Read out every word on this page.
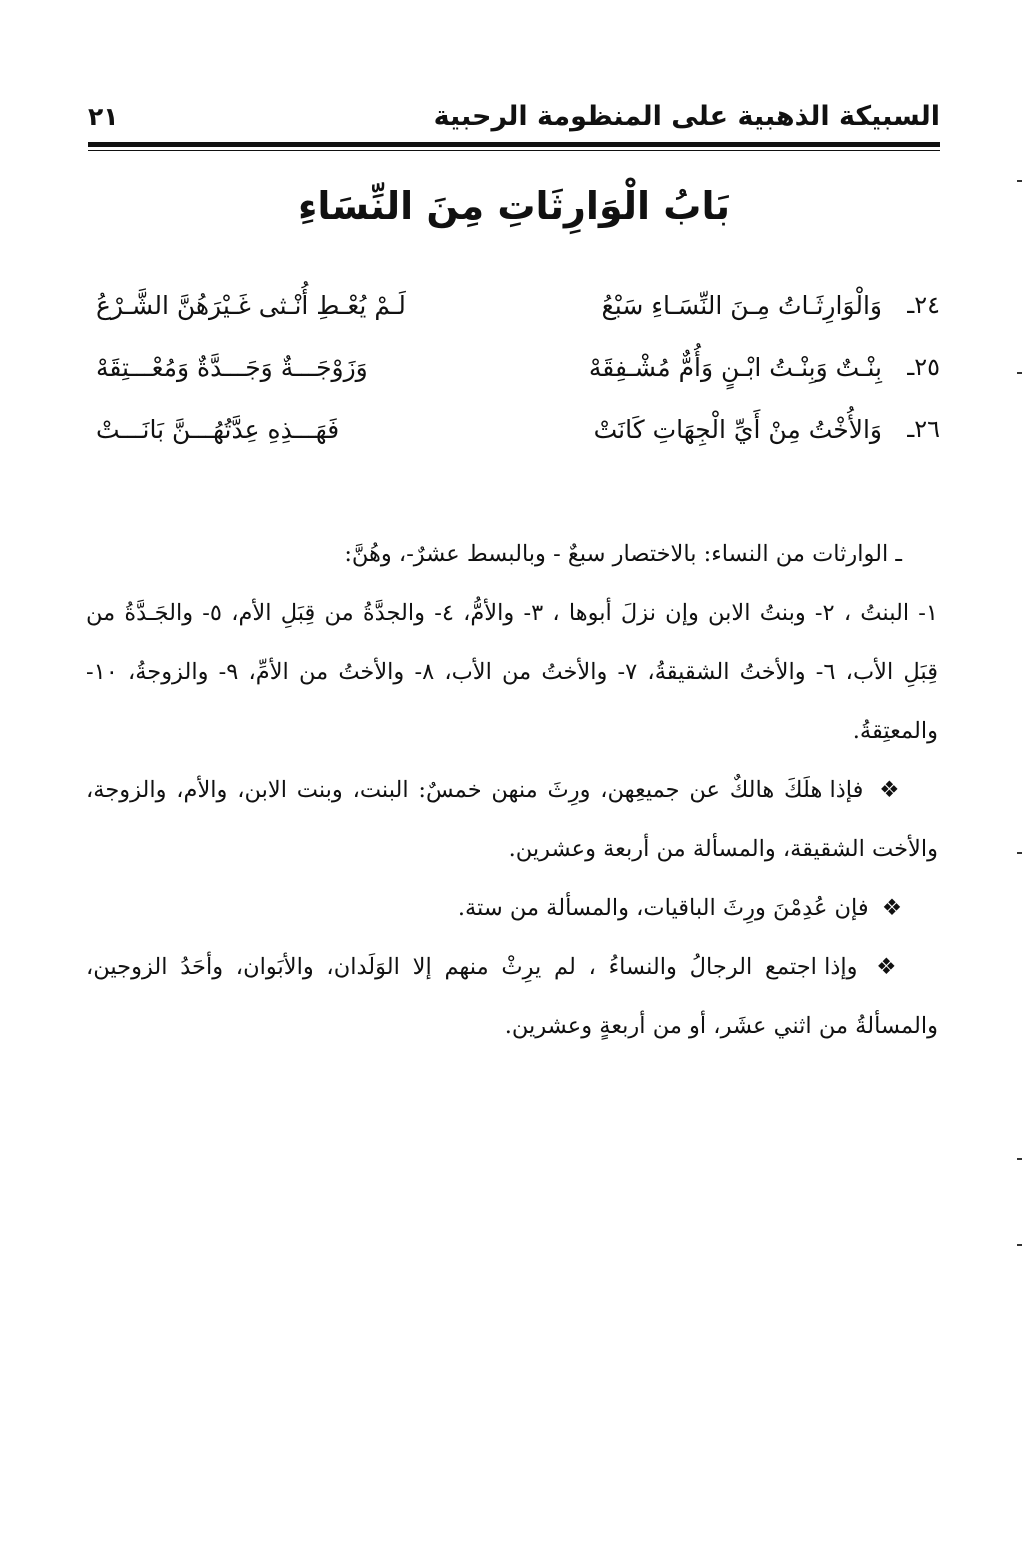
السبيكة الذهبية على المنظومة الرحبية
٢١
بَابُ الْوَارِثَاتِ مِنَ النِّسَاءِ
٢٤ـ
وَالْوَارِثَـاتُ مِـنَ النِّسَـاءِ سَبْعُ
لَـمْ يُعْـطِ أُنْـثى غَـيْرَهُنَّ الشَّـرْعُ
٢٥ـ
بِنْـتٌ وَبِنْـتُ ابْـنٍ وَأُمٌّ مُشْـفِقَهْ
وَزَوْجَـــةٌ وَجَـــدَّةٌ وَمُعْـــتِقَهْ
٢٦ـ
وَالأُخْتُ مِنْ أَيِّ الْجِهَاتِ كَانَتْ
فَهَـــذِهِ عِدَّتُهُـــنَّ بَانَـــتْ

ـ الوارثات من النساء: بالاختصار سبعٌ - وبالبسط عشرٌ-، وهُنَّ:

١- البنتُ ، ٢- وبنتُ الابن وإن نزلَ أبوها ، ٣- والأمُّ، ٤- والجدَّةُ من قِبَلِ الأم، ٥- والجَـدَّةُ من قِبَلِ الأب، ٦- والأختُ الشقيقةُ، ٧- والأختُ من الأب، ٨- والأختُ من الأمِّ، ٩- والزوجةُ، ١٠- والمعتِقةُ.

❖ فإذا هلَكَ هالكٌ عن جميعِهن، ورِثَ منهن خمسٌ: البنت، وبنت الابن، والأم، والزوجة، والأخت الشقيقة، والمسألة من أربعة وعشرين.

❖ فإن عُدِمْنَ ورِثَ الباقيات، والمسألة من ستة.

❖ وإذا اجتمع الرجالُ والنساءُ ، لم يرِثْ منهم إلا الوَلَدان، والأبَوان، وأحَدُ الزوجين، والمسألةُ من اثني عشَر، أو من أربعةٍ وعشرين.
